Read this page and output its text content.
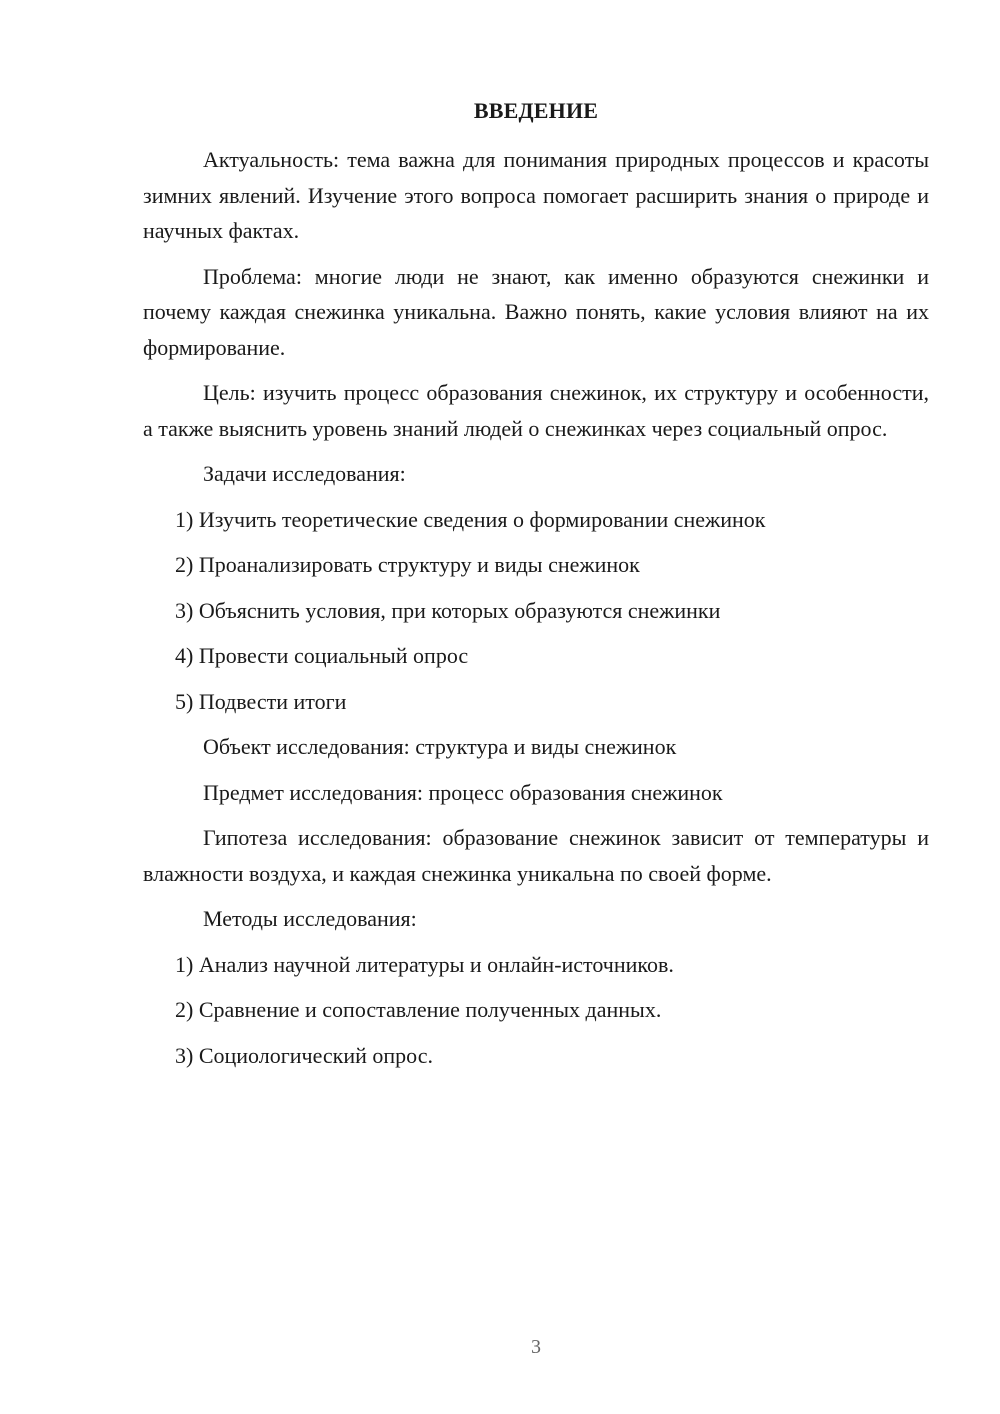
ВВЕДЕНИЕ

Актуальность: тема важна для понимания природных процессов и красоты зимних явлений. Изучение этого вопроса помогает расширить знания о природе и научных фактах.

Проблема: многие люди не знают, как именно образуются снежинки и почему каждая снежинка уникальна. Важно понять, какие условия влияют на их формирование.

Цель: изучить процесс образования снежинок, их структуру и особенности, а также выяснить уровень знаний людей о снежинках через социальный опрос.

Задачи исследования:

1) Изучить теоретические сведения о формировании снежинок

2) Проанализировать структуру и виды снежинок

3) Объяснить условия, при которых образуются снежинки

4) Провести социальный опрос

5) Подвести итоги

Объект исследования: структура и виды снежинок

Предмет исследования: процесс образования снежинок

Гипотеза исследования: образование снежинок зависит от температуры и влажности воздуха, и каждая снежинка уникальна по своей форме.

Методы исследования:

1) Анализ научной литературы и онлайн-источников.

2) Сравнение и сопоставление полученных данных.

3) Социологический опрос.

3
